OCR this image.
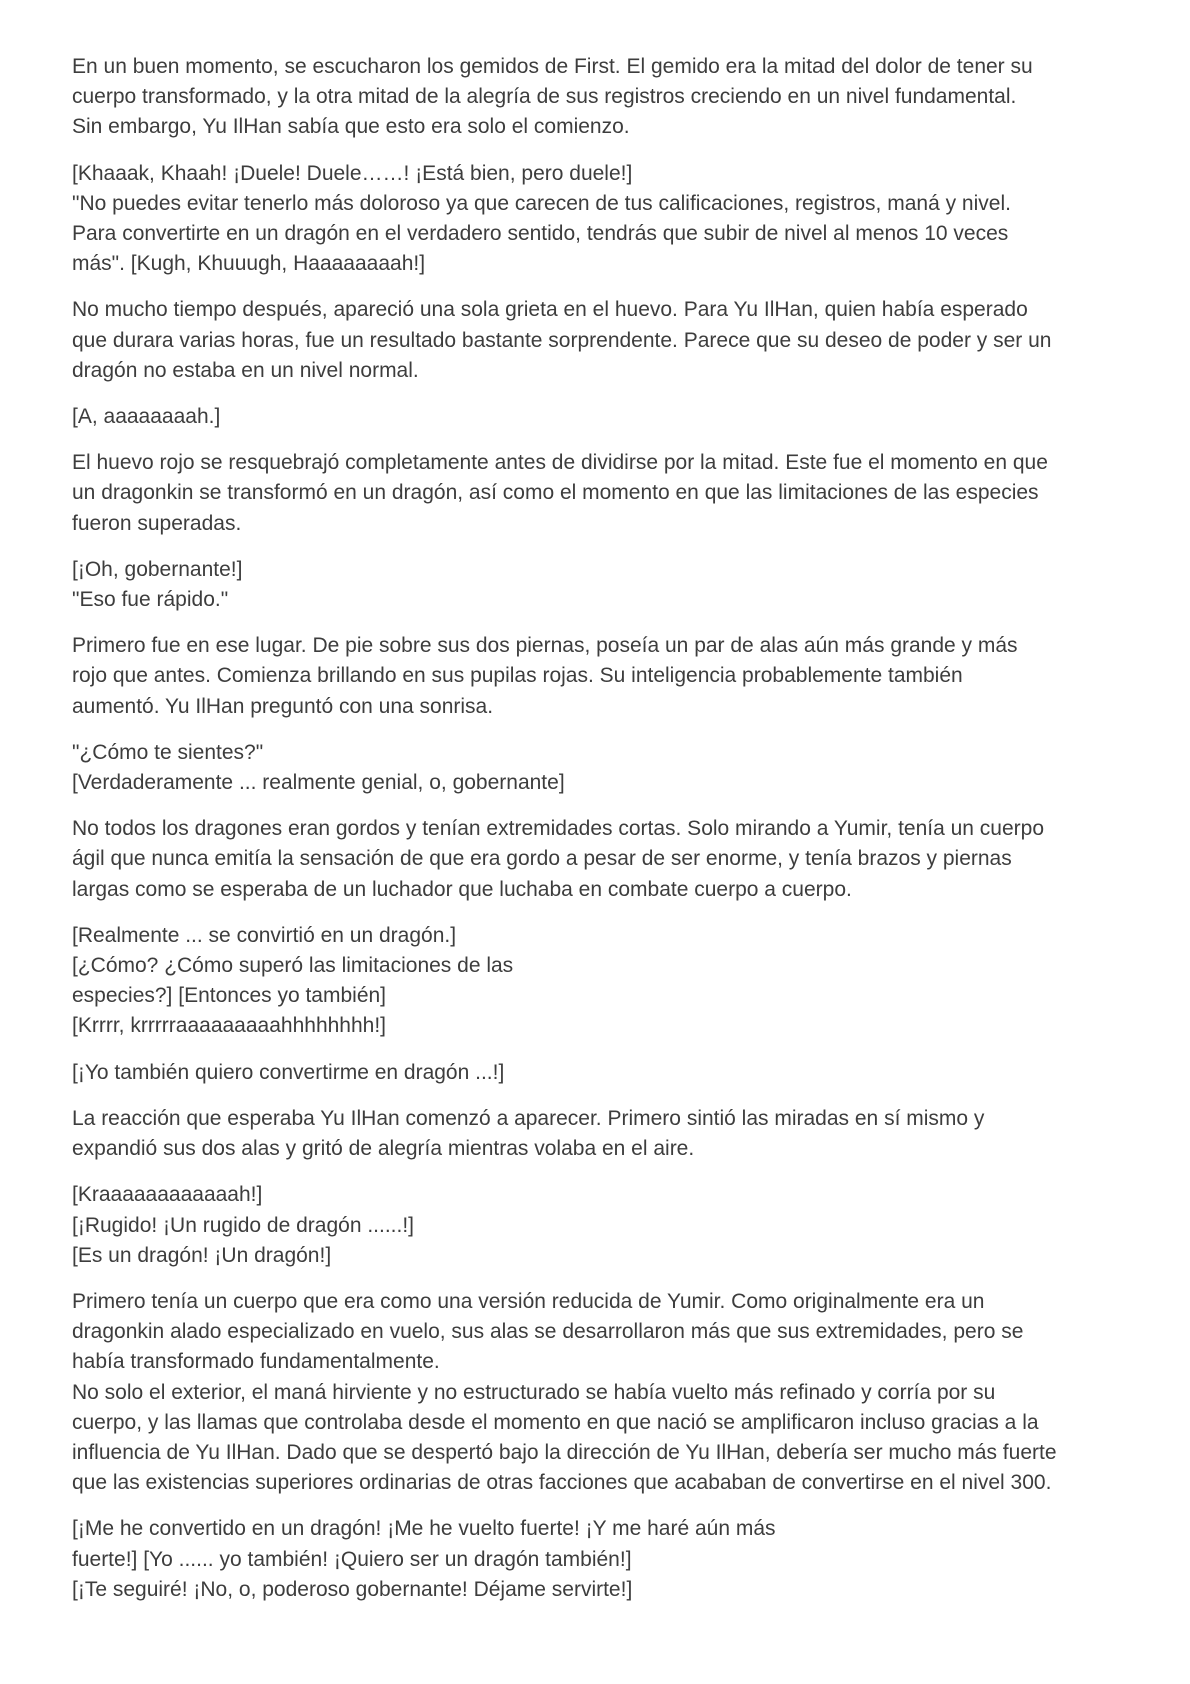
En un buen momento, se escucharon los gemidos de First. El gemido era la mitad del dolor de tener su
cuerpo transformado, y la otra mitad de la alegría de sus registros creciendo en un nivel fundamental.
Sin embargo, Yu IlHan sabía que esto era solo el comienzo.

[Khaaak, Khaah! ¡Duele! Duele……! ¡Está bien, pero duele!]
"No puedes evitar tenerlo más doloroso ya que carecen de tus calificaciones, registros, maná y nivel.
Para convertirte en un dragón en el verdadero sentido, tendrás que subir de nivel al menos 10 veces
más". [Kugh, Khuuugh, Haaaaaaaah!]

No mucho tiempo después, apareció una sola grieta en el huevo. Para Yu IlHan, quien había esperado
que durara varias horas, fue un resultado bastante sorprendente. Parece que su deseo de poder y ser un
dragón no estaba en un nivel normal.

[A, aaaaaaaah.]

El huevo rojo se resquebrajó completamente antes de dividirse por la mitad. Este fue el momento en que
un dragonkin se transformó en un dragón, así como el momento en que las limitaciones de las especies
fueron superadas.

[¡Oh, gobernante!]
"Eso fue rápido."

Primero fue en ese lugar. De pie sobre sus dos piernas, poseía un par de alas aún más grande y más
rojo que antes. Comienza brillando en sus pupilas rojas. Su inteligencia probablemente también
aumentó. Yu IlHan preguntó con una sonrisa.

"¿Cómo te sientes?"
[Verdaderamente ... realmente genial, o, gobernante]

No todos los dragones eran gordos y tenían extremidades cortas. Solo mirando a Yumir, tenía un cuerpo
ágil que nunca emitía la sensación de que era gordo a pesar de ser enorme, y tenía brazos y piernas
largas como se esperaba de un luchador que luchaba en combate cuerpo a cuerpo.

[Realmente ... se convirtió en un dragón.]
[¿Cómo? ¿Cómo superó las limitaciones de las
especies?] [Entonces yo también]
[Krrrr, krrrrraaaaaaaaahhhhhhhh!]

[¡Yo también quiero convertirme en dragón ...!]

La reacción que esperaba Yu IlHan comenzó a aparecer. Primero sintió las miradas en sí mismo y
expandió sus dos alas y gritó de alegría mientras volaba en el aire.

[Kraaaaaaaaaaaah!]
[¡Rugido! ¡Un rugido de dragón ......!]
[Es un dragón! ¡Un dragón!]

Primero tenía un cuerpo que era como una versión reducida de Yumir. Como originalmente era un
dragonkin alado especializado en vuelo, sus alas se desarrollaron más que sus extremidades, pero se
había transformado fundamentalmente.
No solo el exterior, el maná hirviente y no estructurado se había vuelto más refinado y corría por su
cuerpo, y las llamas que controlaba desde el momento en que nació se amplificaron incluso gracias a la
influencia de Yu IlHan. Dado que se despertó bajo la dirección de Yu IlHan, debería ser mucho más fuerte
que las existencias superiores ordinarias de otras facciones que acababan de convertirse en el nivel 300.

[¡Me he convertido en un dragón! ¡Me he vuelto fuerte! ¡Y me haré aún más
fuerte!] [Yo ...... yo también! ¡Quiero ser un dragón también!]
[¡Te seguiré! ¡No, o, poderoso gobernante! Déjame servirte!]
